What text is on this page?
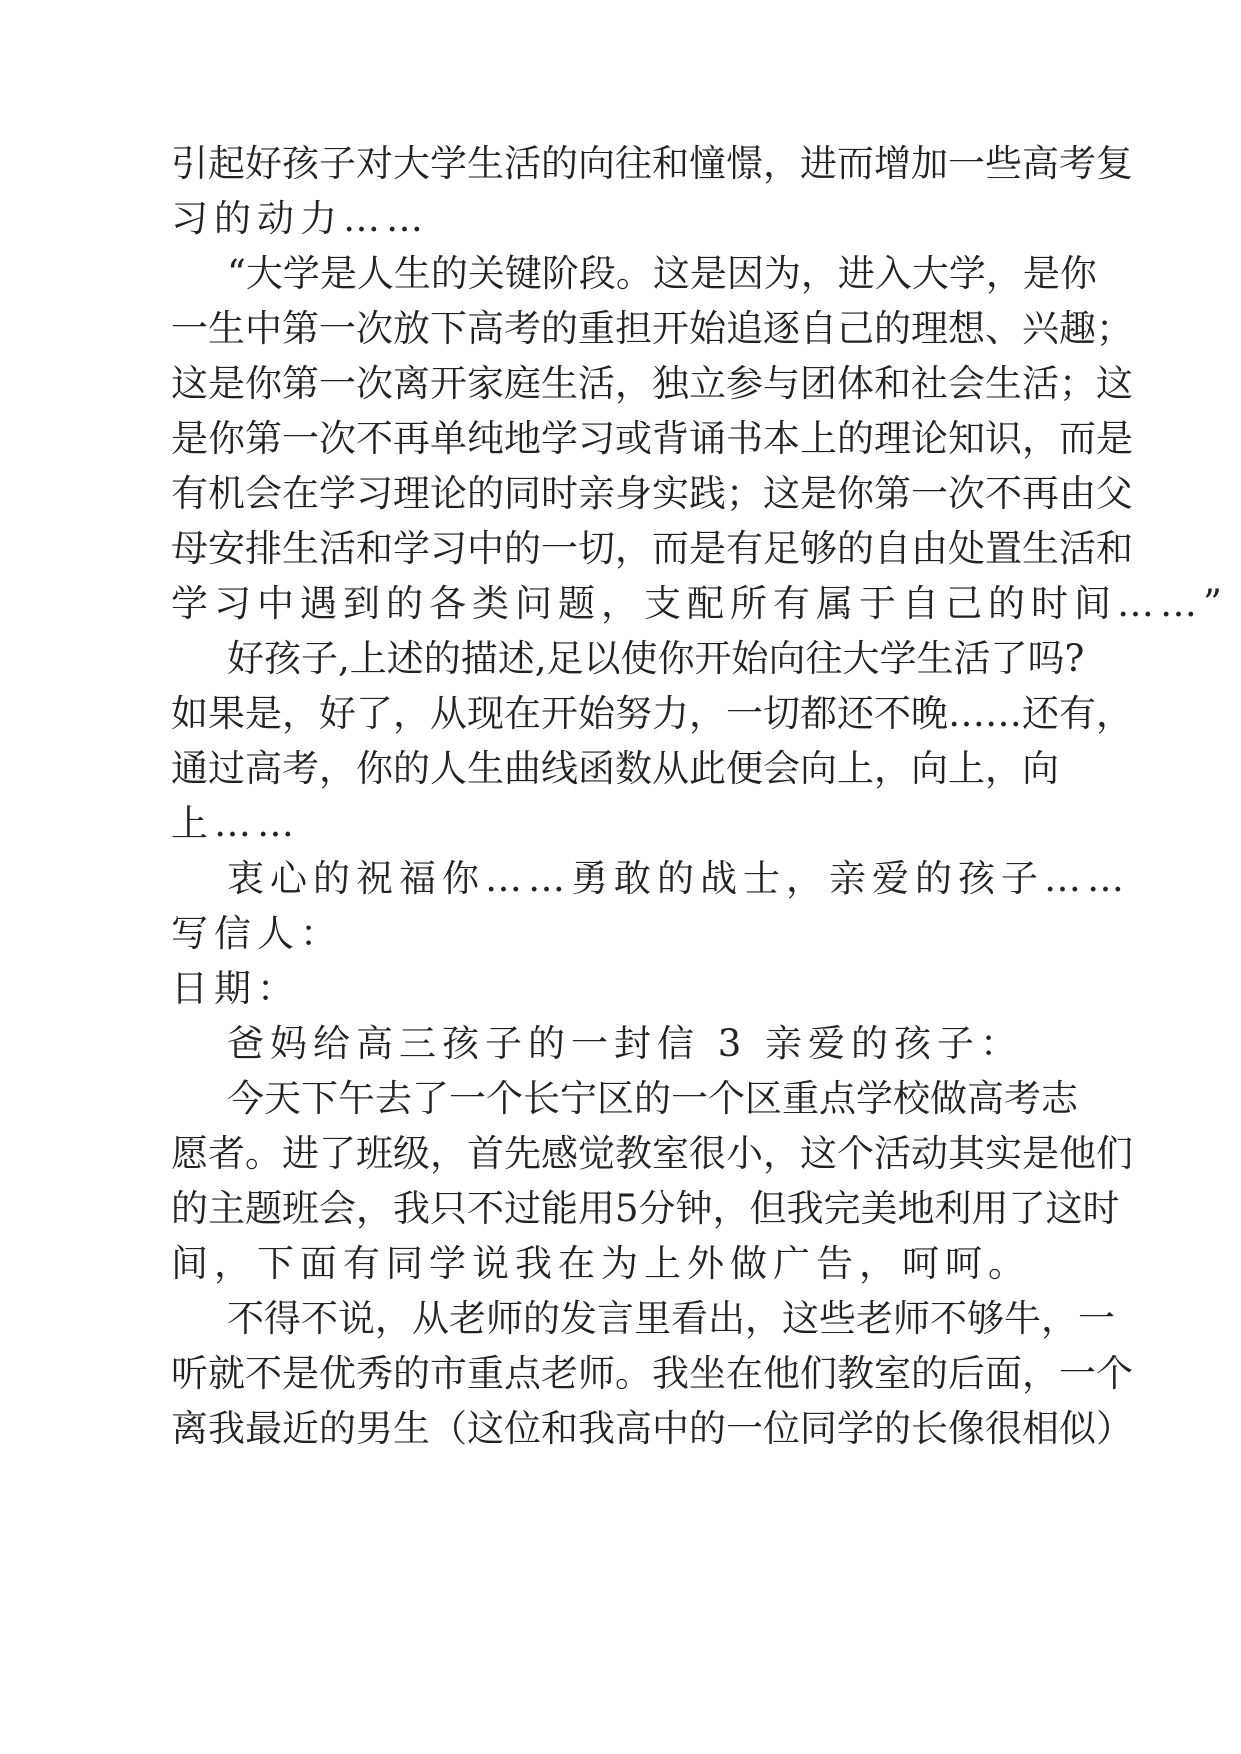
引 起 好 孩 子 对 大 学 生 活 的 向 往 和 憧 憬 ， 进 而 增 加 一 些 高 考 复
习的动力……
“ 大 学 是 人 生 的 关 键 阶 段 。 这 是 因 为 ， 进 入 大 学 ， 是 你
一 生 中 第 一 次 放 下 高 考 的 重 担 开 始 追 逐 自 己 的 理 想 、 兴 趣 ；
这 是 你 第 一 次 离 开 家 庭 生 活 ， 独 立 参 与 团 体 和 社 会 生 活 ； 这
是 你 第 一 次 不 再 单 纯 地 学 习 或 背 诵 书 本 上 的 理 论 知 识 ， 而 是
有 机 会 在 学 习 理 论 的 同 时 亲 身 实 践 ； 这 是 你 第 一 次 不 再 由 父
母 安 排 生 活 和 学 习 中 的 一 切 ， 而 是 有 足 够 的 自 由 处 置 生 活 和
学习中遇到的各类问题，支配所有属于自己的时间……”
好 孩 子 , 上 述 的 描 述 , 足 以 使 你 开 始 向 往 大 学 生 活 了 吗 ?
如 果 是 ， 好 了 ， 从 现 在 开 始 努 力 ， 一 切 都 还 不 晚 … … 还 有 ，
通 过 高 考 ， 你 的 人 生 曲 线 函 数 从 此 便 会 向 上 ， 向 上 ， 向
上……
衷心的祝福你……勇敢的战士，亲爱的孩子……
写信人：
日期：
爸妈给高三孩子的一封信 3 亲爱的孩子：
今 天 下 午 去 了 一 个 长 宁 区 的 一 个 区 重 点 学 校 做 高 考 志
愿 者 。 进 了 班 级 ， 首 先 感 觉 教 室 很 小 ， 这 个 活 动 其 实 是 他 们
的 主 题 班 会 ， 我 只 不 过 能 用 5 分 钟 ， 但 我 完 美 地 利 用 了 这 时
间，下面有同学说我在为上外做广告，呵呵。
不 得 不 说 ， 从 老 师 的 发 言 里 看 出 ， 这 些 老 师 不 够 牛 ， 一
听 就 不 是 优 秀 的 市 重 点 老 师 。 我 坐 在 他 们 教 室 的 后 面 ， 一 个
离 我 最 近 的 男 生 （ 这 位 和 我 高 中 的 一 位 同 学 的 长 像 很 相 似 ）
